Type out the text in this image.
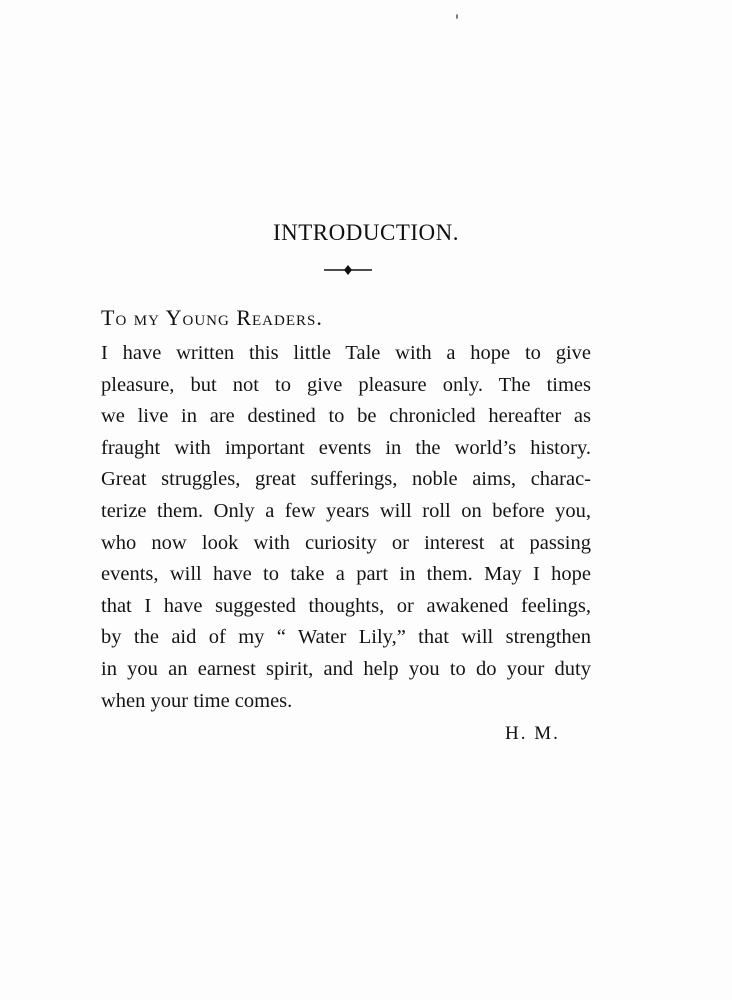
INTRODUCTION.
To my Young Readers.
I have written this little Tale with a hope to give
pleasure, but not to give pleasure only. The times
we live in are destined to be chronicled hereafter as
fraught with important events in the world’s history.
Great struggles, great sufferings, noble aims, charac-
terize them. Only a few years will roll on before you,
who now look with curiosity or interest at passing
events, will have to take a part in them. May I hope
that I have suggested thoughts, or awakened feelings,
by the aid of my “ Water Lily,” that will strengthen
in you an earnest spirit, and help you to do your duty
when your time comes.
H. M.
